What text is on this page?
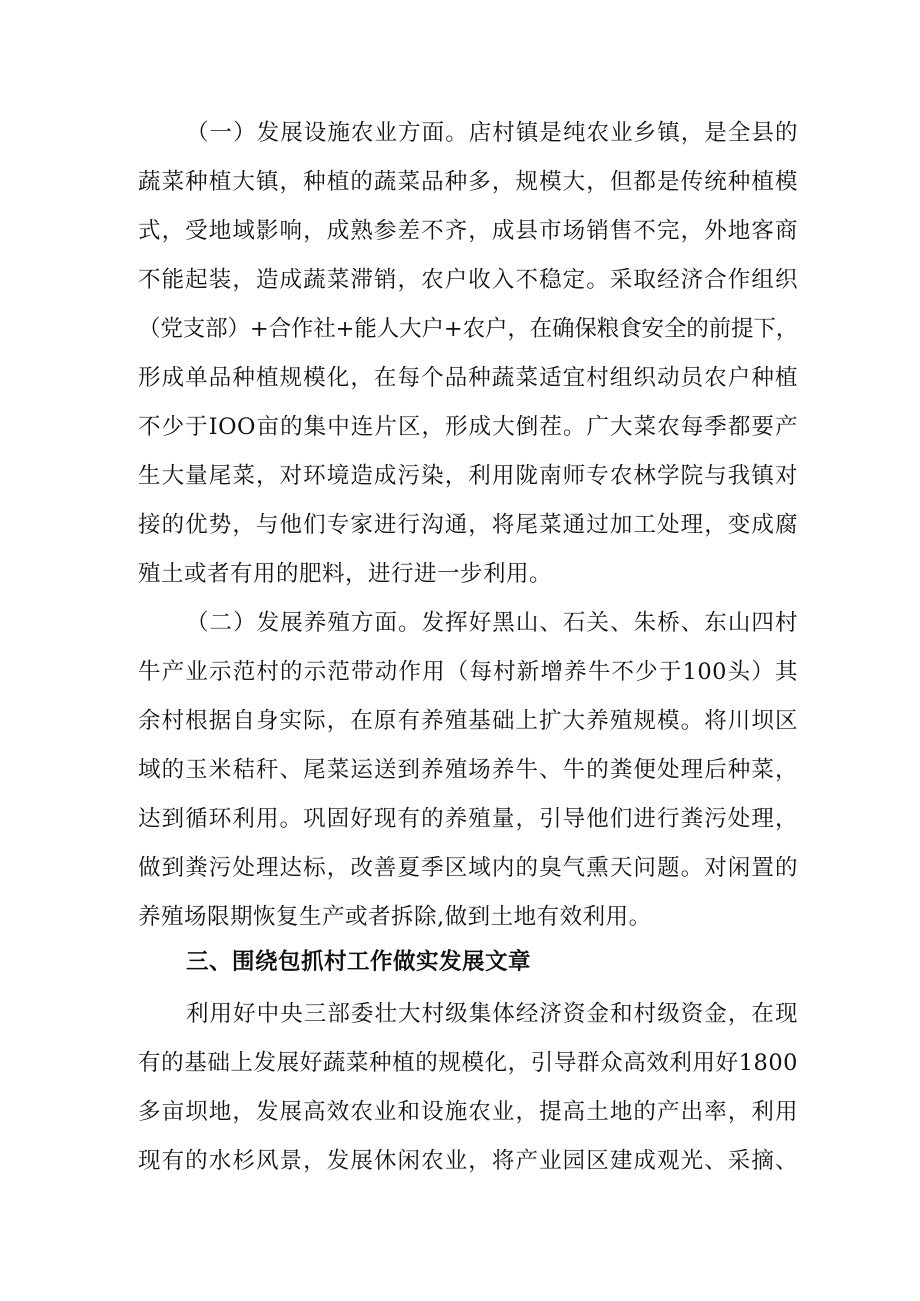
（一）发展设施农业方面。店村镇是纯农业乡镇，是全县的
蔬菜种植大镇，种植的蔬菜品种多，规模大，但都是传统种植模
式，受地域影响，成熟参差不齐，成县市场销售不完，外地客商
不能起装，造成蔬菜滞销，农户收入不稳定。采取经济合作组织
（党支部）+合作社+能人大户+农户，在确保粮食安全的前提下，
形成单品种植规模化，在每个品种蔬菜适宜村组织动员农户种植
不少于IOO亩的集中连片区，形成大倒茬。广大菜农每季都要产
生大量尾菜，对环境造成污染，利用陇南师专农林学院与我镇对
接的优势，与他们专家进行沟通，将尾菜通过加工处理，变成腐
殖土或者有用的肥料，进行进一步利用。
（二）发展养殖方面。发挥好黑山、石关、朱桥、东山四村
牛产业示范村的示范带动作用（每村新增养牛不少于100头）其
余村根据自身实际，在原有养殖基础上扩大养殖规模。将川坝区
域的玉米秸秆、尾菜运送到养殖场养牛、牛的粪便处理后种菜，
达到循环利用。巩固好现有的养殖量，引导他们进行粪污处理，
做到粪污处理达标，改善夏季区域内的臭气熏天问题。对闲置的
养殖场限期恢复生产或者拆除,做到土地有效利用。
三、围绕包抓村工作做实发展文章
利用好中央三部委壮大村级集体经济资金和村级资金，在现
有的基础上发展好蔬菜种植的规模化，引导群众高效利用好1800
多亩坝地，发展高效农业和设施农业，提高土地的产出率，利用
现有的水杉风景，发展休闲农业，将产业园区建成观光、采摘、
